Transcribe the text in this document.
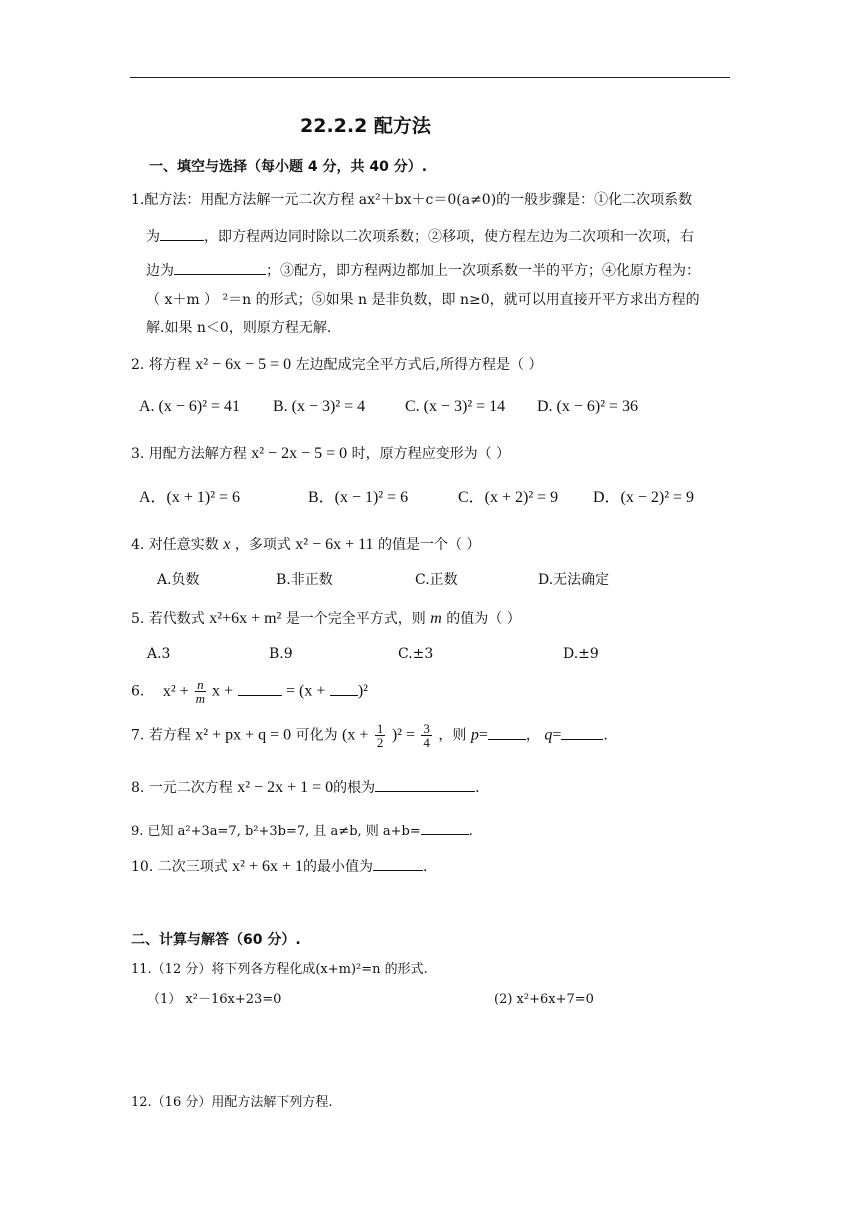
22.2.2 配方法
一、填空与选择（每小题 4 分，共 40 分）.
1.配方法：用配方法解一元二次方程 ax²＋bx＋c＝0(a≠0)的一般步骤是：①化二次项系数
为	，即方程两边同时除以二次项系数；②移项，使方程左边为二次项和一次项，右
边为	；③配方，即方程两边都加上一次项系数一半的平方；④化原方程为：
（ x＋m ） ²＝n 的形式；⑤如果 n 是非负数，即 n≥0，就可以用直接开平方求出方程的
解.如果 n＜0，则原方程无解.
2. 将方程 x² − 6x − 5 = 0 左边配成完全平方式后,所得方程是（ ）
A. (x − 6)² = 41 B. (x − 3)² = 4 C. (x − 3)² = 14 D. (x − 6)² = 36
3. 用配方法解方程 x² − 2x − 5 = 0 时，原方程应变形为（ ）
A．(x + 1)² = 6	B．(x − 1)² = 6	C．(x + 2)² = 9 D．(x − 2)² = 9
4. 对任意实数 x ，多项式 x² − 6x + 11 的值是一个（ ）
A.负数	B.非正数	C.正数	D.无法确定
5. 若代数式 x²+6x + m² 是一个完全平方式，则 m 的值为（ ）
A.3	B.9	C.±3	D.±9
6. $x^2 + \frac{n}{m}$ x +	= (x + )²
7. 若方程 x² + px + q = 0 可化为 $(x + \frac{1}{2} )^2 = \frac{3}{4}$ ，则 p=	， q=	.
8. 一元二次方程 x² − 2x + 1 = 0的根为	.
9. 已知 a²+3a=7, b²+3b=7, 且 a≠b, 则 a+b=	.
10. 二次三项式 x² + 6x + 1的最小值为	.
二、计算与解答（60 分）.
11.（12 分）将下列各方程化成(x+m)²=n 的形式.
（1） x²－16x+23=0	(2) x²+6x+7=0
12.（16 分）用配方法解下列方程.
